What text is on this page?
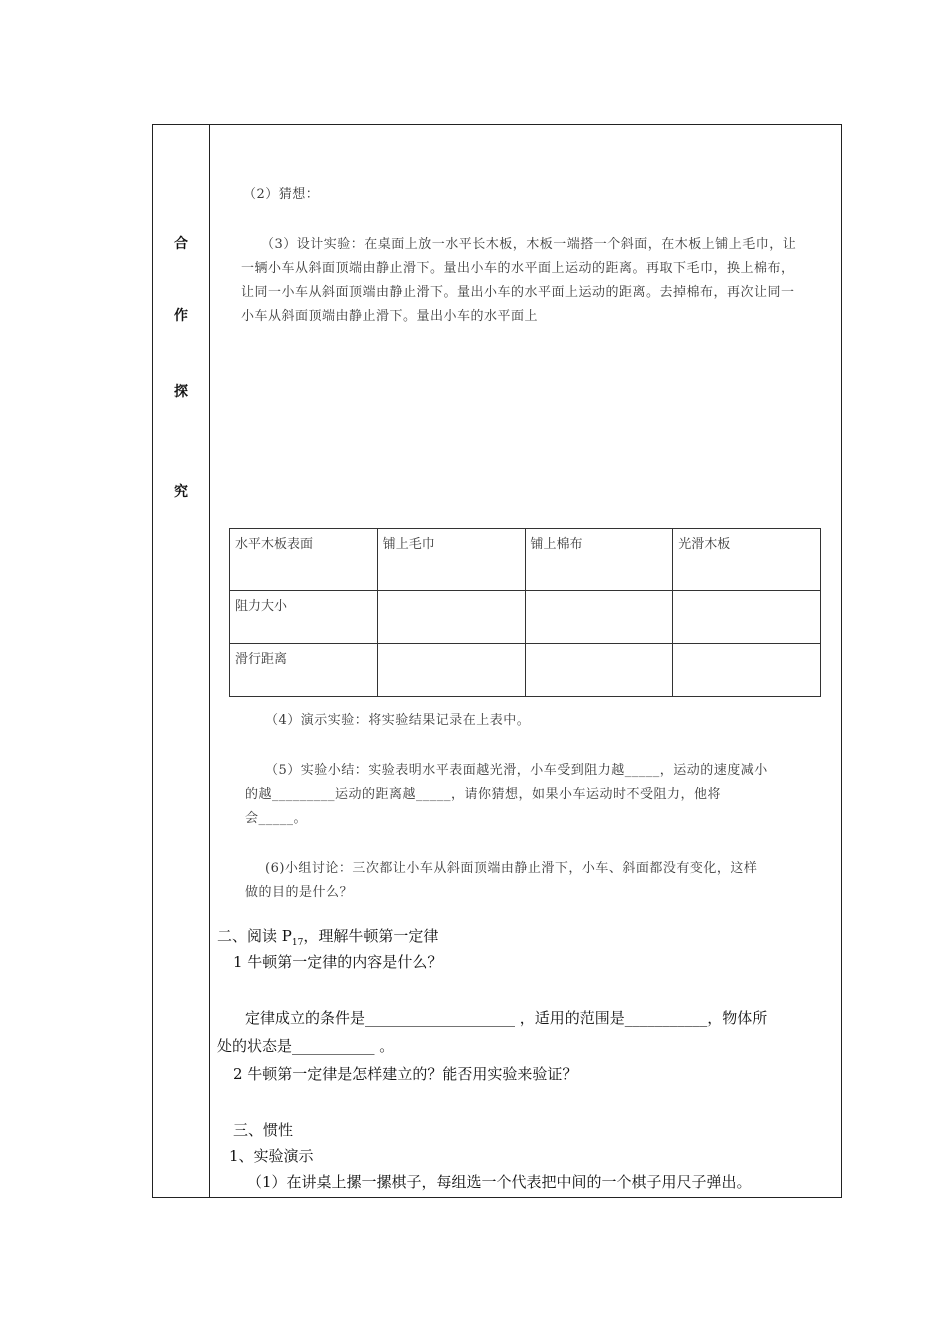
合
作
探
究
（2）猜想：
（3）设计实验：在桌面上放一水平长木板，木板一端搭一个斜面，在木板上铺上毛巾，让
一辆小车从斜面顶端由静止滑下。量出小车的水平面上运动的距离。再取下毛巾，换上棉布，
让同一小车从斜面顶端由静止滑下。量出小车的水平面上运动的距离。去掉棉布，再次让同一
小车从斜面顶端由静止滑下。量出小车的水平面上
水平木板表面	铺上毛巾	铺上棉布	光滑木板
阻力大小			
滑行距离			
（4）演示实验：将实验结果记录在上表中。
（5）实验小结：实验表明水平表面越光滑，小车受到阻力越_____，运动的速度减小
的越_________运动的距离越_____，请你猜想，如果小车运动时不受阻力，他将
会_____。
(6)小组讨论：三次都让小车从斜面顶端由静止滑下，小车、斜面都没有变化，这样
做的目的是什么？
二、阅读 $P_{17}$，理解牛顿第一定律
1 牛顿第一定律的内容是什么？
定律成立的条件是____________________ ，适用的范围是___________，物体所
处的状态是___________ 。
2 牛顿第一定律是怎样建立的？能否用实验来验证？
三、惯性
1、实验演示
（1）在讲桌上摞一摞棋子，每组选一个代表把中间的一个棋子用尺子弹出。
